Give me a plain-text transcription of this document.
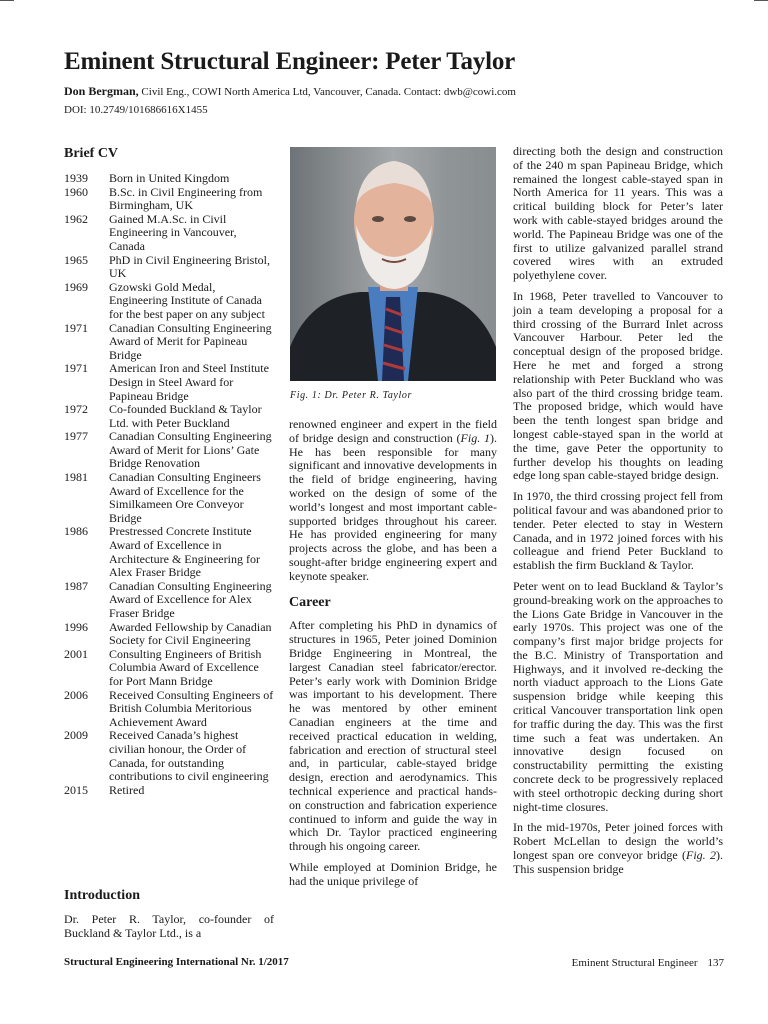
Eminent Structural Engineer: Peter Taylor
Don Bergman, Civil Eng., COWI North America Ltd, Vancouver, Canada. Contact: dwb@cowi.com
DOI: 10.2749/101686616X1455
Brief CV
1939	Born in United Kingdom
1960	B.Sc. in Civil Engineering from Birmingham, UK
1962	Gained M.A.Sc. in Civil Engineering in Vancouver, Canada
1965	PhD in Civil Engineering Bristol, UK
1969	Gzowski Gold Medal, Engineering Institute of Canada for the best paper on any subject
1971	Canadian Consulting Engineering Award of Merit for Papineau Bridge
1971	American Iron and Steel Institute Design in Steel Award for Papineau Bridge
1972	Co-founded Buckland & Taylor Ltd. with Peter Buckland
1977	Canadian Consulting Engineering Award of Merit for Lions’ Gate Bridge Renovation
1981	Canadian Consulting Engineers Award of Excellence for the Similkameen Ore Conveyor Bridge
1986	Prestressed Concrete Institute Award of Excellence in Architecture & Engineering for Alex Fraser Bridge
1987	Canadian Consulting Engineering Award of Excellence for Alex Fraser Bridge
1996	Awarded Fellowship by Canadian Society for Civil Engineering
2001	Consulting Engineers of British Columbia Award of Excellence for Port Mann Bridge
2006	Received Consulting Engineers of British Columbia Meritorious Achievement Award
2009	Received Canada’s highest civilian honour, the Order of Canada, for outstanding contributions to civil engineering
2015	Retired
Introduction
Dr. Peter R. Taylor, co-founder of Buckland & Taylor Ltd., is a
Fig. 1: Dr. Peter R. Taylor

renowned engineer and expert in the field of bridge design and construction (Fig. 1). He has been responsible for many significant and innovative developments in the field of bridge engineering, having worked on the design of some of the world’s longest and most important cable-supported bridges throughout his career. He has provided engineering for many projects across the globe, and has been a sought-after bridge engineering expert and keynote speaker.

Career

After completing his PhD in dynamics of structures in 1965, Peter joined Dominion Bridge Engineering in Montreal, the largest Canadian steel fabricator/erector. Peter’s early work with Dominion Bridge was important to his development. There he was mentored by other eminent Canadian engineers at the time and received practical education in welding, fabrication and erection of structural steel and, in particular, cable-stayed bridge design, erection and aerodynamics. This technical experience and practical hands-on construction and fabrication experience continued to inform and guide the way in which Dr. Taylor practiced engineering through his ongoing career.

While employed at Dominion Bridge, he had the unique privilege of

directing both the design and construction of the 240 m span Papineau Bridge, which remained the longest cable-stayed span in North America for 11 years. This was a critical building block for Peter’s later work with cable-stayed bridges around the world. The Papineau Bridge was one of the first to utilize galvanized parallel strand covered wires with an extruded polyethylene cover.

In 1968, Peter travelled to Vancouver to join a team developing a proposal for a third crossing of the Burrard Inlet across Vancouver Harbour. Peter led the conceptual design of the proposed bridge. Here he met and forged a strong relationship with Peter Buckland who was also part of the third crossing bridge team. The proposed bridge, which would have been the tenth longest span bridge and longest cable-stayed span in the world at the time, gave Peter the opportunity to further develop his thoughts on leading edge long span cable-stayed bridge design.

In 1970, the third crossing project fell from political favour and was abandoned prior to tender. Peter elected to stay in Western Canada, and in 1972 joined forces with his colleague and friend Peter Buckland to establish the firm Buckland & Taylor.

Peter went on to lead Buckland & Taylor’s ground-breaking work on the approaches to the Lions Gate Bridge in Vancouver in the early 1970s. This project was one of the company’s first major bridge projects for the B.C. Ministry of Transportation and Highways, and it involved re-decking the north viaduct approach to the Lions Gate suspension bridge while keeping this critical Vancouver transportation link open for traffic during the day. This was the first time such a feat was undertaken. An innovative design focused on constructability permitting the existing concrete deck to be progressively replaced with steel orthotropic decking during short night-time closures.

In the mid-1970s, Peter joined forces with Robert McLellan to design the world’s longest span ore conveyor bridge (Fig. 2). This suspension bridge

Structural Engineering International Nr. 1/2017	Eminent Structural Engineer 137
